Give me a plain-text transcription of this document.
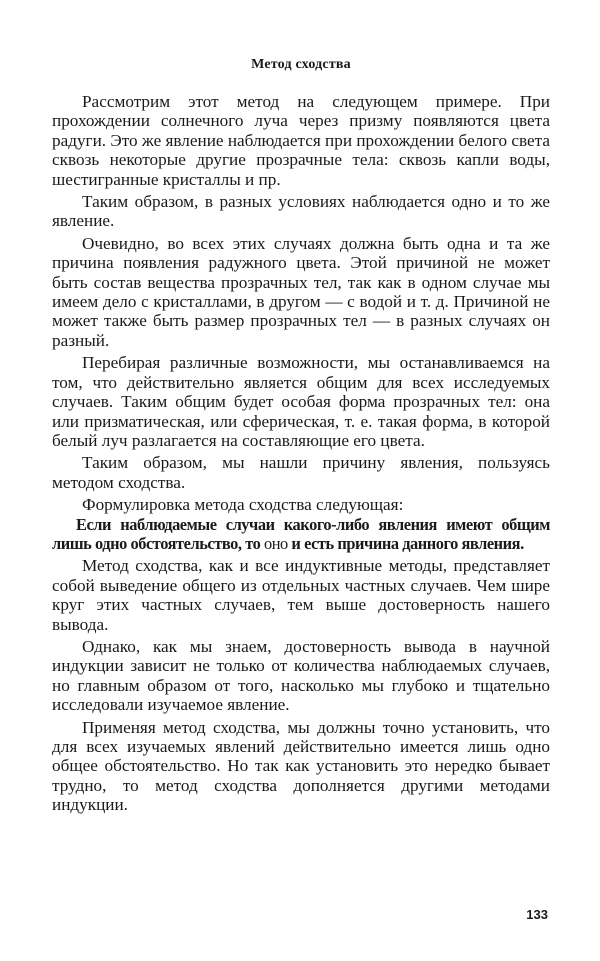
Метод сходства

Рассмотрим этот метод на следующем примере. При прохождении солнечного луча через призму появляются цвета радуги. Это же явление наблюдается при прохождении белого света сквозь некоторые другие прозрачные тела: сквозь капли воды, шестигранные кристаллы и пр.

Таким образом, в разных условиях наблюдается одно и то же явление.

Очевидно, во всех этих случаях должна быть одна и та же причина появления радужного цвета. Этой причиной не может быть состав вещества прозрачных тел, так как в одном случае мы имеем дело с кристаллами, в другом — с водой и т. д. Причиной не может также быть размер прозрачных тел — в разных случаях он разный.

Перебирая различные возможности, мы останавливаемся на том, что действительно является общим для всех исследуемых случаев. Таким общим будет особая форма прозрачных тел: она или призматическая, или сферическая, т. е. такая форма, в которой белый луч разлагается на составляющие его цвета.

Таким образом, мы нашли причину явления, пользуясь методом сходства.

Формулировка метода сходства следующая:

Если наблюдаемые случаи какого-либо явления имеют общим лишь одно обстоятельство, то оно и есть причина данного явления.

Метод сходства, как и все индуктивные методы, представляет собой выведение общего из отдельных частных случаев. Чем шире круг этих частных случаев, тем выше достоверность нашего вывода.

Однако, как мы знаем, достоверность вывода в научной индукции зависит не только от количества наблюдаемых случаев, но главным образом от того, насколько мы глубоко и тщательно исследовали изучаемое явление.

Применяя метод сходства, мы должны точно установить, что для всех изучаемых явлений действительно имеется лишь одно общее обстоятельство. Но так как установить это нередко бывает трудно, то метод сходства дополняется другими методами индукции.

133
